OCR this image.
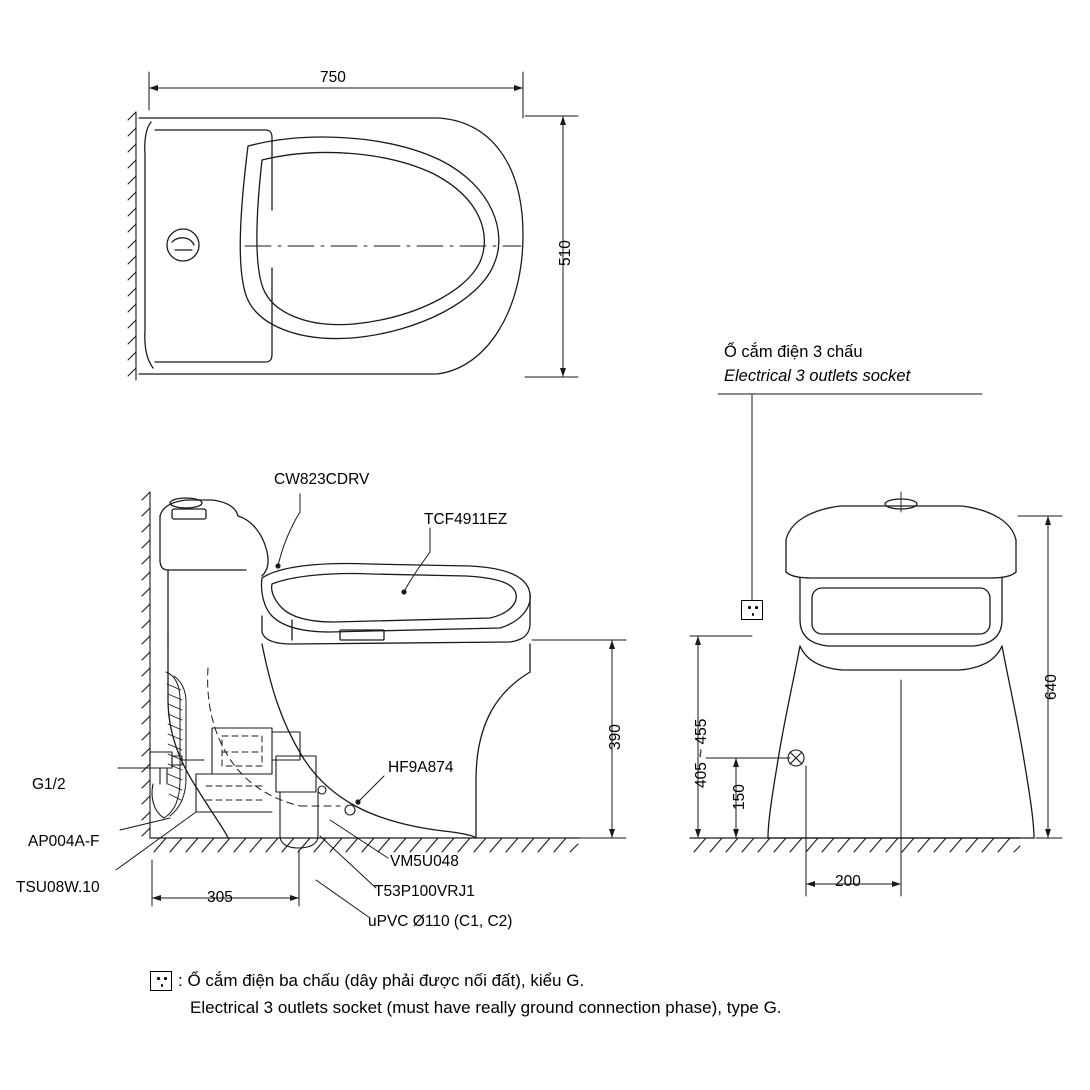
750
510
CW823CDRV
TCF4911EZ
HF9A874
G1/2
AP004A-F
TSU08W.10
VM5U048
T53P100VRJ1
uPVC Ø110 (C1, C2)
390
305
Ổ cắm điện 3 chấu
Electrical 3 outlets socket
640
405 ~ 455
150
200
: Ổ cắm điện ba chấu (dây phải được nối đất), kiểu G.
Electrical 3 outlets socket (must have really ground connection phase), type G.
